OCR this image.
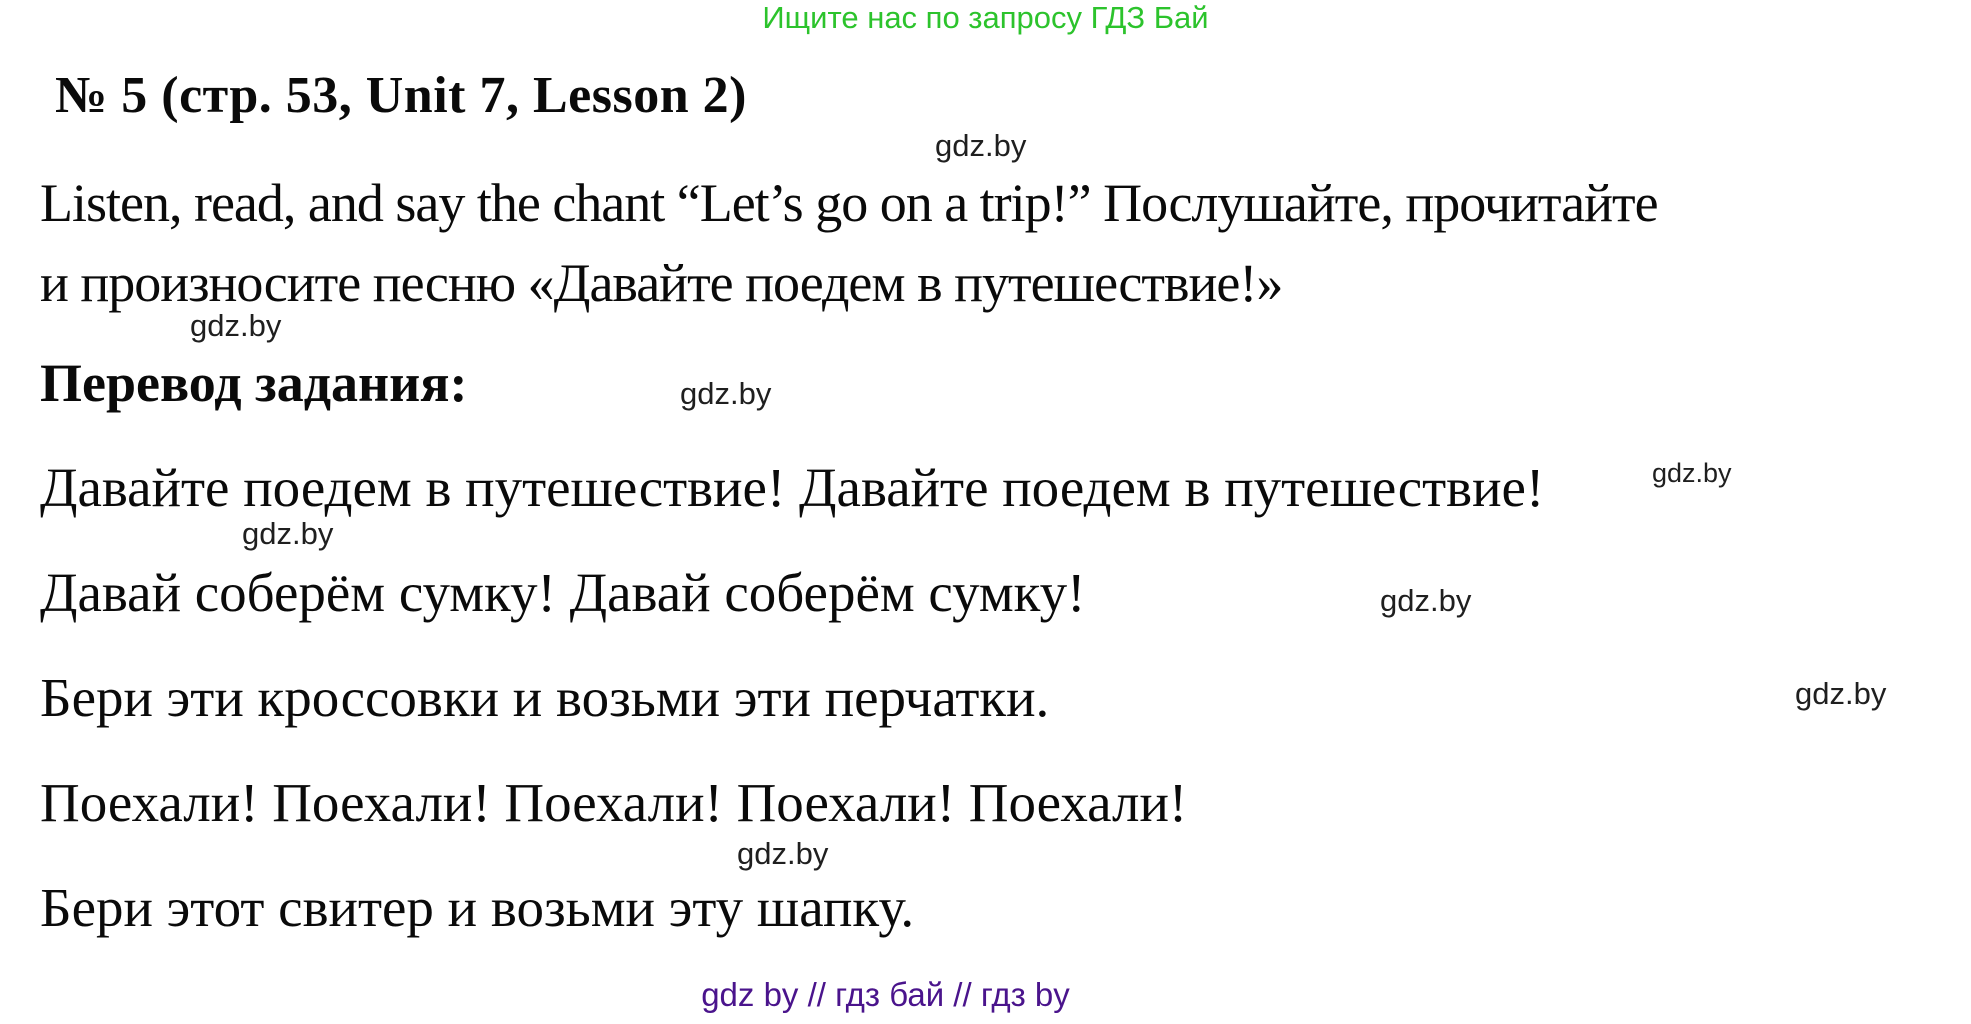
Ищите нас по запросу ГДЗ Бай
№ 5 (стр. 53, Unit 7, Lesson 2)
gdz.by
Listen, read, and say the chant “Let’s go on a trip!” Послушайте, прочитайте
и произносите песню «Давайте поедем в путешествие!»
gdz.by
Перевод задания:	gdz.by
Давайте поедем в путешествие! Давайте поедем в путешествие!	gdz.by
gdz.by
Давай соберём сумку! Давай соберём сумку!	gdz.by
Бери эти кроссовки и возьми эти перчатки.	gdz.by
Поехали! Поехали! Поехали! Поехали! Поехали!
gdz.by
Бери этот свитер и возьми эту шапку.
gdz by // гдз бай // гдз by
